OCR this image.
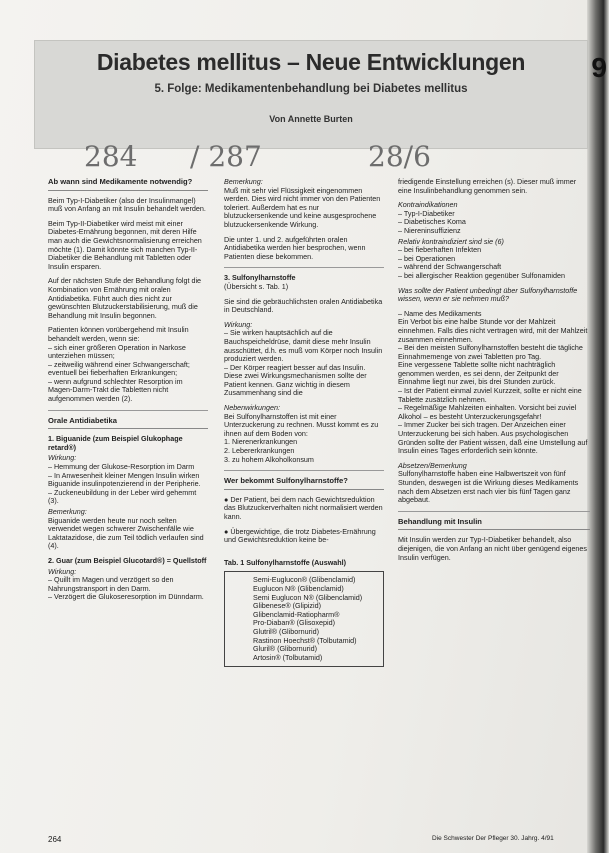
9
Diabetes mellitus – Neue Entwicklungen
5. Folge: Medikamentenbehandlung bei Diabetes mellitus
Von Annette Burten
284 / 287	28/6
Ab wann sind Medikamente notwendig?

Beim Typ-I-Diabetiker (also der Insulinmangel) muß von Anfang an mit Insulin behandelt werden.

Beim Typ-II-Diabetiker wird meist mit einer Diabetes-Ernährung begonnen, mit deren Hilfe man auch die Gewichtsnormalisierung erreichen möchte (1). Damit könnte sich manchen Typ-II-Diabetiker die Behandlung mit Tabletten oder Insulin ersparen.

Auf der nächsten Stufe der Behandlung folgt die Kombination von Ernährung mit oralen Antidiabetika. Führt auch dies nicht zur gewünschten Blutzuckerstabilisierung, muß die Behandlung mit Insulin begonnen.

Patienten können vorübergehend mit Insulin behandelt werden, wenn sie:

– sich einer größeren Operation in Narkose unterziehen müssen;
– zeitweilig während einer Schwangerschaft;
eventuell bei fieberhaften Erkrankungen;
– wenn aufgrund schlechter Resorption im Magen-Darm-Trakt die Tabletten nicht aufgenommen werden (2).
Orale Antidiabetika

1. Biguanide (zum Beispiel Glukophage retard®)

Wirkung:
– Hemmung der Glukose-Resorption im Darm
– In Anwesenheit kleiner Mengen Insulin wirken Biguanide insulinpotenzierend in der Peripherie.
– Zuckeneubildung in der Leber wird gehemmt (3).
Bemerkung:

Biguanide werden heute nur noch selten verwendet wegen schwerer Zwischenfälle wie Laktatazidose, die zum Teil tödlich verlaufen sind (4).

2. Guar (zum Beispiel Glucotard®) = Quellstoff

Wirkung:
– Quillt im Magen und verzögert so den Nahrungstransport in den Darm.
– Verzögert die Glukoseresorption im Dünndarm.
Bemerkung:

Muß mit sehr viel Flüssigkeit eingenommen werden. Dies wird nicht immer von den Patienten toleriert. Außerdem hat es nur blutzuckersenkende und keine ausgesprochene blutzuckersenkende Wirkung.

Die unter 1. und 2. aufgeführten oralen Antidiabetika werden hier besprochen, wenn Patienten diese bekommen.

3. Sulfonylharnstoffe

(Übersicht s. Tab. 1)

Sie sind die gebräuchlichsten oralen Antidiabetika in Deutschland.

Wirkung:
– Sie wirken hauptsächlich auf die Bauchspeicheldrüse, damit diese mehr Insulin ausschüttet, d.h. es muß vom Körper noch Insulin produziert werden.
– Der Körper reagiert besser auf das Insulin.

Diese zwei Wirkungsmechanismen sollte der Patient kennen. Ganz wichtig in diesem Zusammenhang sind die

Nebenwirkungen:

Bei Sulfonylharnstoffen ist mit einer Unterzuckerung zu rechnen. Musst kommt es zu ihnen auf dem Boden von:

1. Nierenerkrankungen
2. Lebererkrankungen
3. zu hohem Alkoholkonsum
Wer bekommt Sulfonylharnstoffe?

● Der Patient, bei dem nach Gewichtsreduktion das Blutzuckerverhalten nicht normalisiert werden kann.

● Übergewichtige, die trotz Diabetes-Ernährung und Gewichtsreduktion keine be-

Tab. 1 Sulfonylharnstoffe (Auswahl)
Semi-Euglucon® (Glibenclamid)
Euglucon N® (Glibenclamid)
Semi Euglucon N® (Glibenclamid)
Glibenese® (Glipizid)
Glibenclamid-Ratiopharm®
Pro-Diaban® (Glisoxepid)
Glutril® (Glibornurid)
Rastinon Hoechst® (Tolbutamid)
Gluril® (Glibornurid)
Artosin® (Tolbutamid)

friedigende Einstellung erreichen (s). Dieser muß immer eine Insulinbehandlung genommen sein.

Kontraindikationen
– Typ-I-Diabetiker
– Diabetisches Koma
– Niereninsuffizienz
Relativ kontraindiziert sind sie (6)
– bei fieberhaften Infekten
– bei Operationen
– während der Schwangerschaft
– bei allergischer Reaktion gegenüber Sulfonamiden

Was sollte der Patient unbedingt über Sulfonylharnstoffe wissen, wenn er sie nehmen muß?

– Name des Medikaments
Ein Verbot bis eine halbe Stunde vor der Mahlzeit einnehmen. Falls dies nicht vertragen wird, mit der Mahlzeit zusammen einnehmen.
– Bei den meisten Sulfonylharnstoffen besteht die tägliche Einnahmemenge von zwei Tabletten pro Tag.
Eine vergessene Tablette sollte nicht nachträglich genommen werden, es sei denn, der Zeitpunkt der Einnahme liegt nur zwei, bis drei Stunden zurück.
– Ist der Patient einmal zuviel Kurzzeit, sollte er nicht eine Tablette zusätzlich nehmen.
– Regelmäßige Mahlzeiten einhalten. Vorsicht bei zuviel Alkohol – es besteht Unterzuckerungsgefahr!
– Immer Zucker bei sich tragen. Der Anzeichen einer Unterzuckerung bei sich haben. Aus psychologischen Gründen sollte der Patient wissen, daß eine Umstellung auf Insulin eines Tages erforderlich sein könnte.
Absetzen/Bemerkung

Sulfonylharnstoffe haben eine Halbwertszeit von fünf Stunden, deswegen ist die Wirkung dieses Medikaments nach dem Absetzen erst nach vier bis fünf Tagen ganz abgebaut.

Behandlung mit Insulin

Mit Insulin werden zur Typ-I-Diabetiker behandelt, also diejenigen, die von Anfang an nicht über genügend eigenes Insulin verfügen.

264	Die Schwester Der Pfleger 30. Jahrg. 4/91
